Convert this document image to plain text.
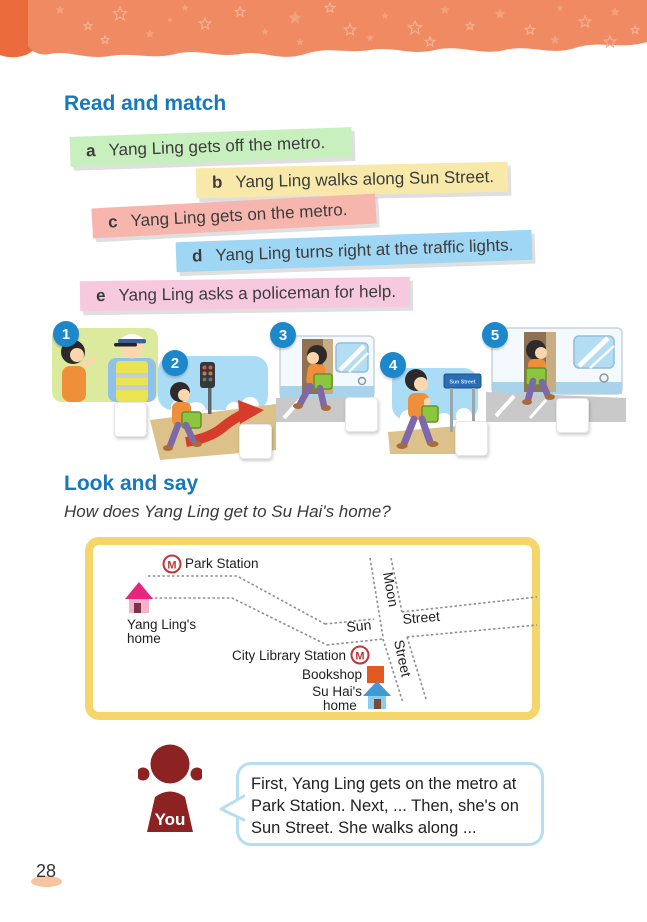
Read and match
a Yang Ling gets off the metro.
b Yang Ling walks along Sun Street.
c Yang Ling gets on the metro.
d Yang Ling turns right at the traffic lights.
e Yang Ling asks a policeman for help.
Sun Street
1
2
3
4
5
Look and say
How does Yang Ling get to Su Hai's home?
M Park Station
Yang Ling's
home
Sun Street
Moon
Street
City Library Station M
Bookshop
Su Hai's
home
You
First, Yang Ling gets on the metro at Park Station. Next, ... Then, she's on Sun Street. She walks along ...
28
